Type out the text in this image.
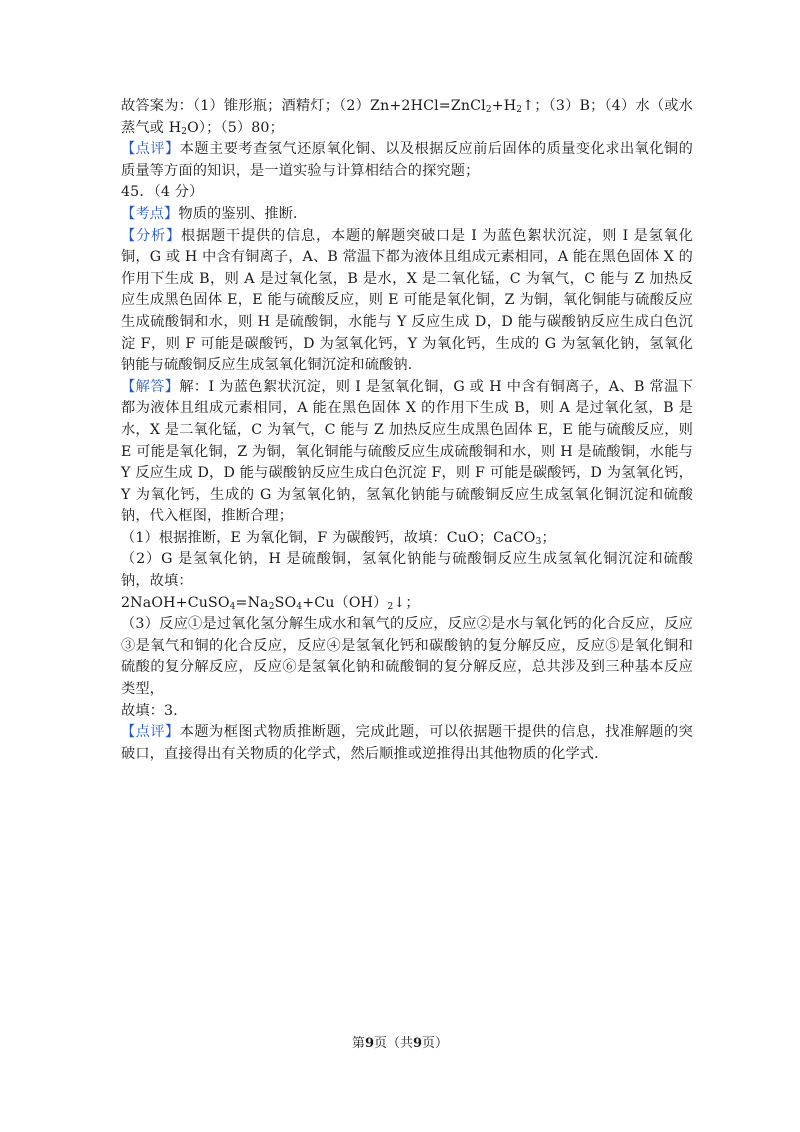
故答案为：（1）锥形瓶；酒精灯；$(2)Zn+2HCl=ZnCl_2+H_2↑$；（3）B；（4）水（或水蒸气或 $H_2O$）；（5）80；

【点评】本题主要考查氢气还原氧化铜、以及根据反应前后固体的质量变化求出氧化铜的质量等方面的知识，是一道实验与计算相结合的探究题；

45．（4 分）

【考点】物质的鉴别、推断．

【分析】根据题干提供的信息，本题的解题突破口是 I 为蓝色絮状沉淀，则 I 是氢氧化铜，G 或 H 中含有铜离子，A、B 常温下都为液体且组成元素相同，A 能在黑色固体 X 的作用下生成 B，则 A 是过氧化氢，B 是水，X 是二氧化锰，C 为氧气，C 能与 Z 加热反应生成黑色固体 E，E 能与硫酸反应，则 E 可能是氧化铜，Z 为铜，氧化铜能与硫酸反应生成硫酸铜和水，则 H 是硫酸铜，水能与 Y 反应生成 D，D 能与碳酸钠反应生成白色沉淀 F，则 F 可能是碳酸钙，D 为氢氧化钙，Y 为氧化钙，生成的 G 为氢氧化钠，氢氧化钠能与硫酸铜反应生成氢氧化铜沉淀和硫酸钠．

【解答】解：I 为蓝色絮状沉淀，则 I 是氢氧化铜，G 或 H 中含有铜离子，A、B 常温下都为液体且组成元素相同，A 能在黑色固体 X 的作用下生成 B，则 A 是过氧化氢，B 是水，X 是二氧化锰，C 为氧气，C 能与 Z 加热反应生成黑色固体 E，E 能与硫酸反应，则 E 可能是氧化铜，Z 为铜，氧化铜能与硫酸反应生成硫酸铜和水，则 H 是硫酸铜，水能与 Y 反应生成 D，D 能与碳酸钠反应生成白色沉淀 F，则 F 可能是碳酸钙，D 为氢氧化钙，Y 为氧化钙，生成的 G 为氢氧化钠，氢氧化钠能与硫酸铜反应生成氢氧化铜沉淀和硫酸钠，代入框图，推断合理；

（1）根据推断，E 为氧化铜，F 为碳酸钙，故填：CuO；CaCO$_3$；

（2）G 是氢氧化钠，H 是硫酸铜，氢氧化钠能与硫酸铜反应生成氢氧化铜沉淀和硫酸钠，故填：

$2NaOH+CuSO_4=Na_2SO_4+Cu(OH)_2↓$；

（3）反应①是过氧化氢分解生成水和氧气的反应，反应②是水与氧化钙的化合反应，反应③是氧气和铜的化合反应，反应④是氢氧化钙和碳酸钠的复分解反应，反应⑤是氧化铜和硫酸的复分解反应，反应⑥是氢氧化钠和硫酸铜的复分解反应，总共涉及到三种基本反应类型，

故填：3．

【点评】本题为框图式物质推断题，完成此题，可以依据题干提供的信息，找准解题的突破口，直接得出有关物质的化学式，然后顺推或逆推得出其他物质的化学式．

第9页（共9页）
